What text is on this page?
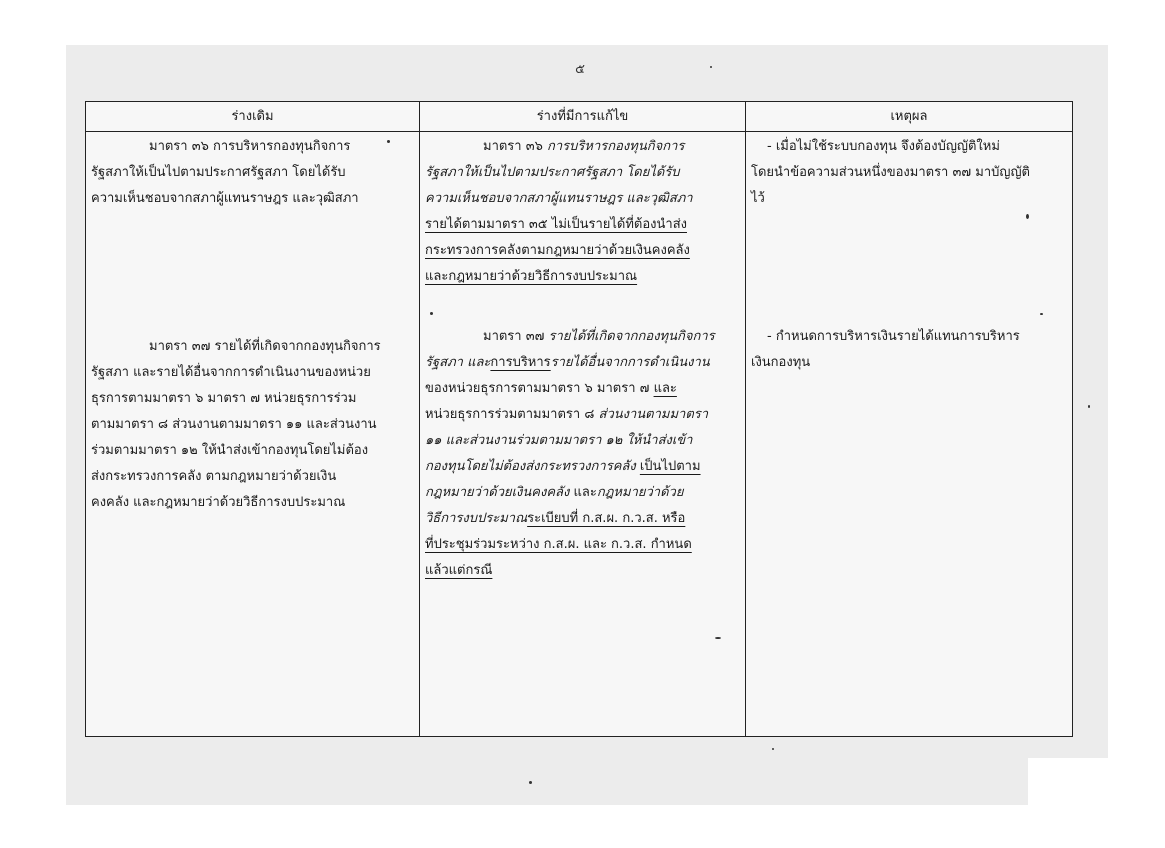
๕
ร่างเดิม	ร่างที่มีการแก้ไข	เหตุผล
มาตรา ๓๖ การบริหารกองทุนกิจการ
รัฐสภาให้เป็นไปตามประกาศรัฐสภา โดยได้รับ
ความเห็นชอบจากสภาผู้แทนราษฎร และวุฒิสภา
มาตรา ๓๗ รายได้ที่เกิดจากกองทุนกิจการ
รัฐสภา และรายได้อื่นจากการดำเนินงานของหน่วย
ธุรการตามมาตรา ๖ มาตรา ๗ หน่วยธุรการร่วม
ตามมาตรา ๘ ส่วนงานตามมาตรา ๑๑ และส่วนงาน
ร่วมตามมาตรา ๑๒ ให้นำส่งเข้ากองทุนโดยไม่ต้อง
ส่งกระทรวงการคลัง ตามกฎหมายว่าด้วยเงิน
คงคลัง และกฎหมายว่าด้วยวิธีการงบประมาณ
มาตรา ๓๖ การบริหารกองทุนกิจการ
รัฐสภาให้เป็นไปตามประกาศรัฐสภา โดยได้รับ
ความเห็นชอบจากสภาผู้แทนราษฎร และวุฒิสภา
รายได้ตามมาตรา ๓๕ ไม่เป็นรายได้ที่ต้องนำส่ง
กระทรวงการคลังตามกฎหมายว่าด้วยเงินคงคลัง
และกฎหมายว่าด้วยวิธีการงบประมาณ
มาตรา ๓๗ รายได้ที่เกิดจากกองทุนกิจการ
รัฐสภา และการบริหารรายได้อื่นจากการดำเนินงาน
ของหน่วยธุรการตามมาตรา ๖ มาตรา ๗ และ
หน่วยธุรการร่วมตามมาตรา ๘ ส่วนงานตามมาตรา
๑๑ และส่วนงานร่วมตามมาตรา ๑๒ ให้นำส่งเข้า
กองทุนโดยไม่ต้องส่งกระทรวงการคลัง เป็นไปตาม
กฎหมายว่าด้วยเงินคงคลัง และกฎหมายว่าด้วย
วิธีการงบประมาณระเบียบที่ ก.ส.ผ. ก.ว.ส. หรือ
ที่ประชุมร่วมระหว่าง ก.ส.ผ. และ ก.ว.ส. กำหนด
แล้วแต่กรณี
- เมื่อไม่ใช้ระบบกองทุน จึงต้องบัญญัติใหม่
โดยนำข้อความส่วนหนึ่งของมาตรา ๓๗ มาบัญญัติ
ไว้
- กำหนดการบริหารเงินรายได้แทนการบริหาร
เงินกองทุน
